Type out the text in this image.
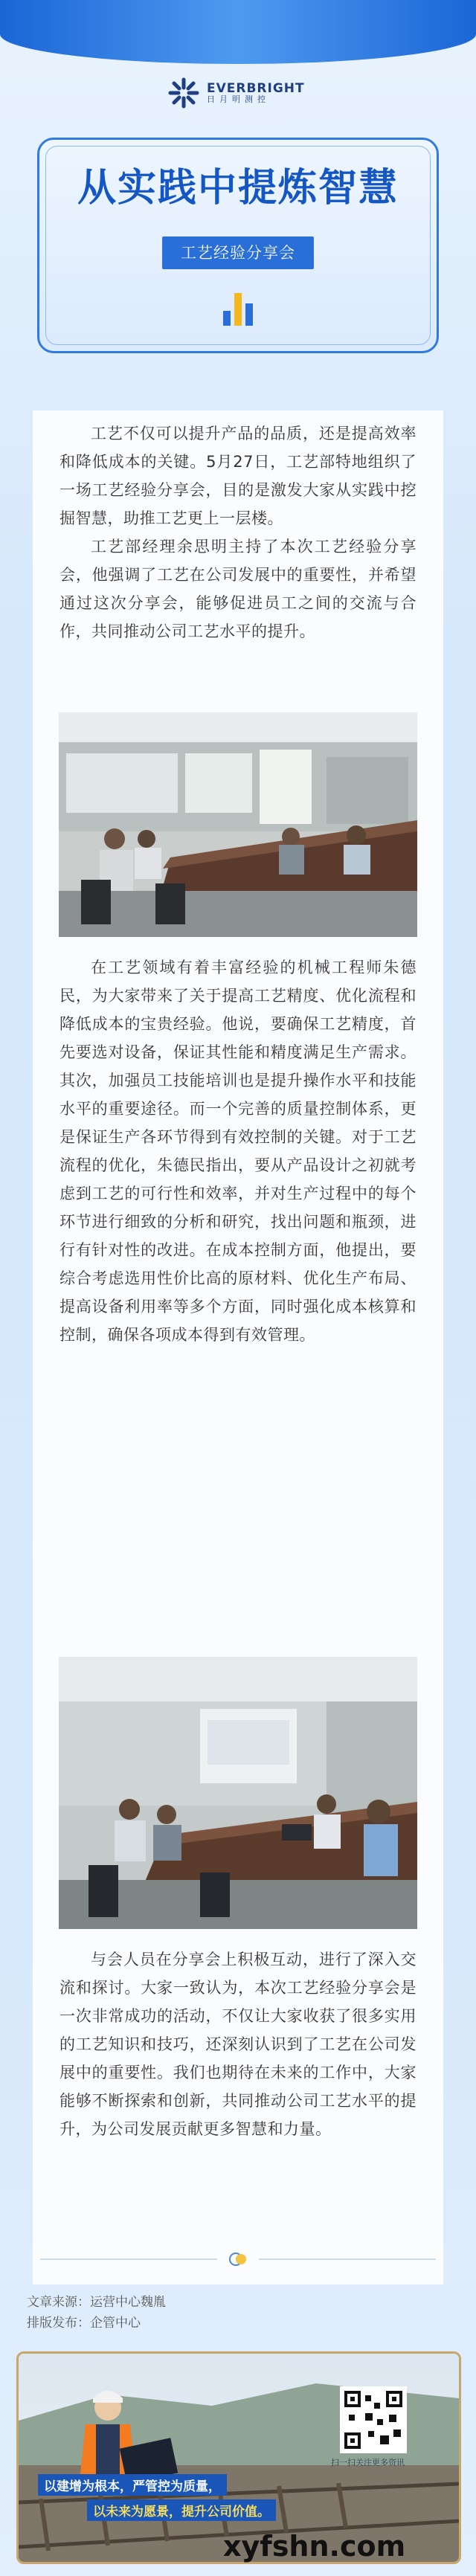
EVERBRIGHT
日月明测控
从实践中提炼智慧
工艺经验分享会

工艺不仅可以提升产品的品质，还是提高效率和降低成本的关键。5月27日，工艺部特地组织了一场工艺经验分享会，目的是激发大家从实践中挖掘智慧，助推工艺更上一层楼。

工艺部经理余思明主持了本次工艺经验分享会，他强调了工艺在公司发展中的重要性，并希望通过这次分享会，能够促进员工之间的交流与合作，共同推动公司工艺水平的提升。

在工艺领域有着丰富经验的机械工程师朱德民，为大家带来了关于提高工艺精度、优化流程和降低成本的宝贵经验。他说，要确保工艺精度，首先要选对设备，保证其性能和精度满足生产需求。其次，加强员工技能培训也是提升操作水平和技能水平的重要途径。而一个完善的质量控制体系，更是保证生产各环节得到有效控制的关键。对于工艺流程的优化，朱德民指出，要从产品设计之初就考虑到工艺的可行性和效率，并对生产过程中的每个环节进行细致的分析和研究，找出问题和瓶颈，进行有针对性的改进。在成本控制方面，他提出，要综合考虑选用性价比高的原材料、优化生产布局、提高设备利用率等多个方面，同时强化成本核算和控制，确保各项成本得到有效管理。

与会人员在分享会上积极互动，进行了深入交流和探讨。大家一致认为，本次工艺经验分享会是一次非常成功的活动，不仅让大家收获了很多实用的工艺知识和技巧，还深刻认识到了工艺在公司发展中的重要性。我们也期待在未来的工作中，大家能够不断探索和创新，共同推动公司工艺水平的提升，为公司发展贡献更多智慧和力量。

文章来源：运营中心魏胤
排版发布：企管中心
扫一扫关注更多资讯
以建增为根本，严管控为质量，
以未来为愿景，提升公司价值。
xyfshn.com
